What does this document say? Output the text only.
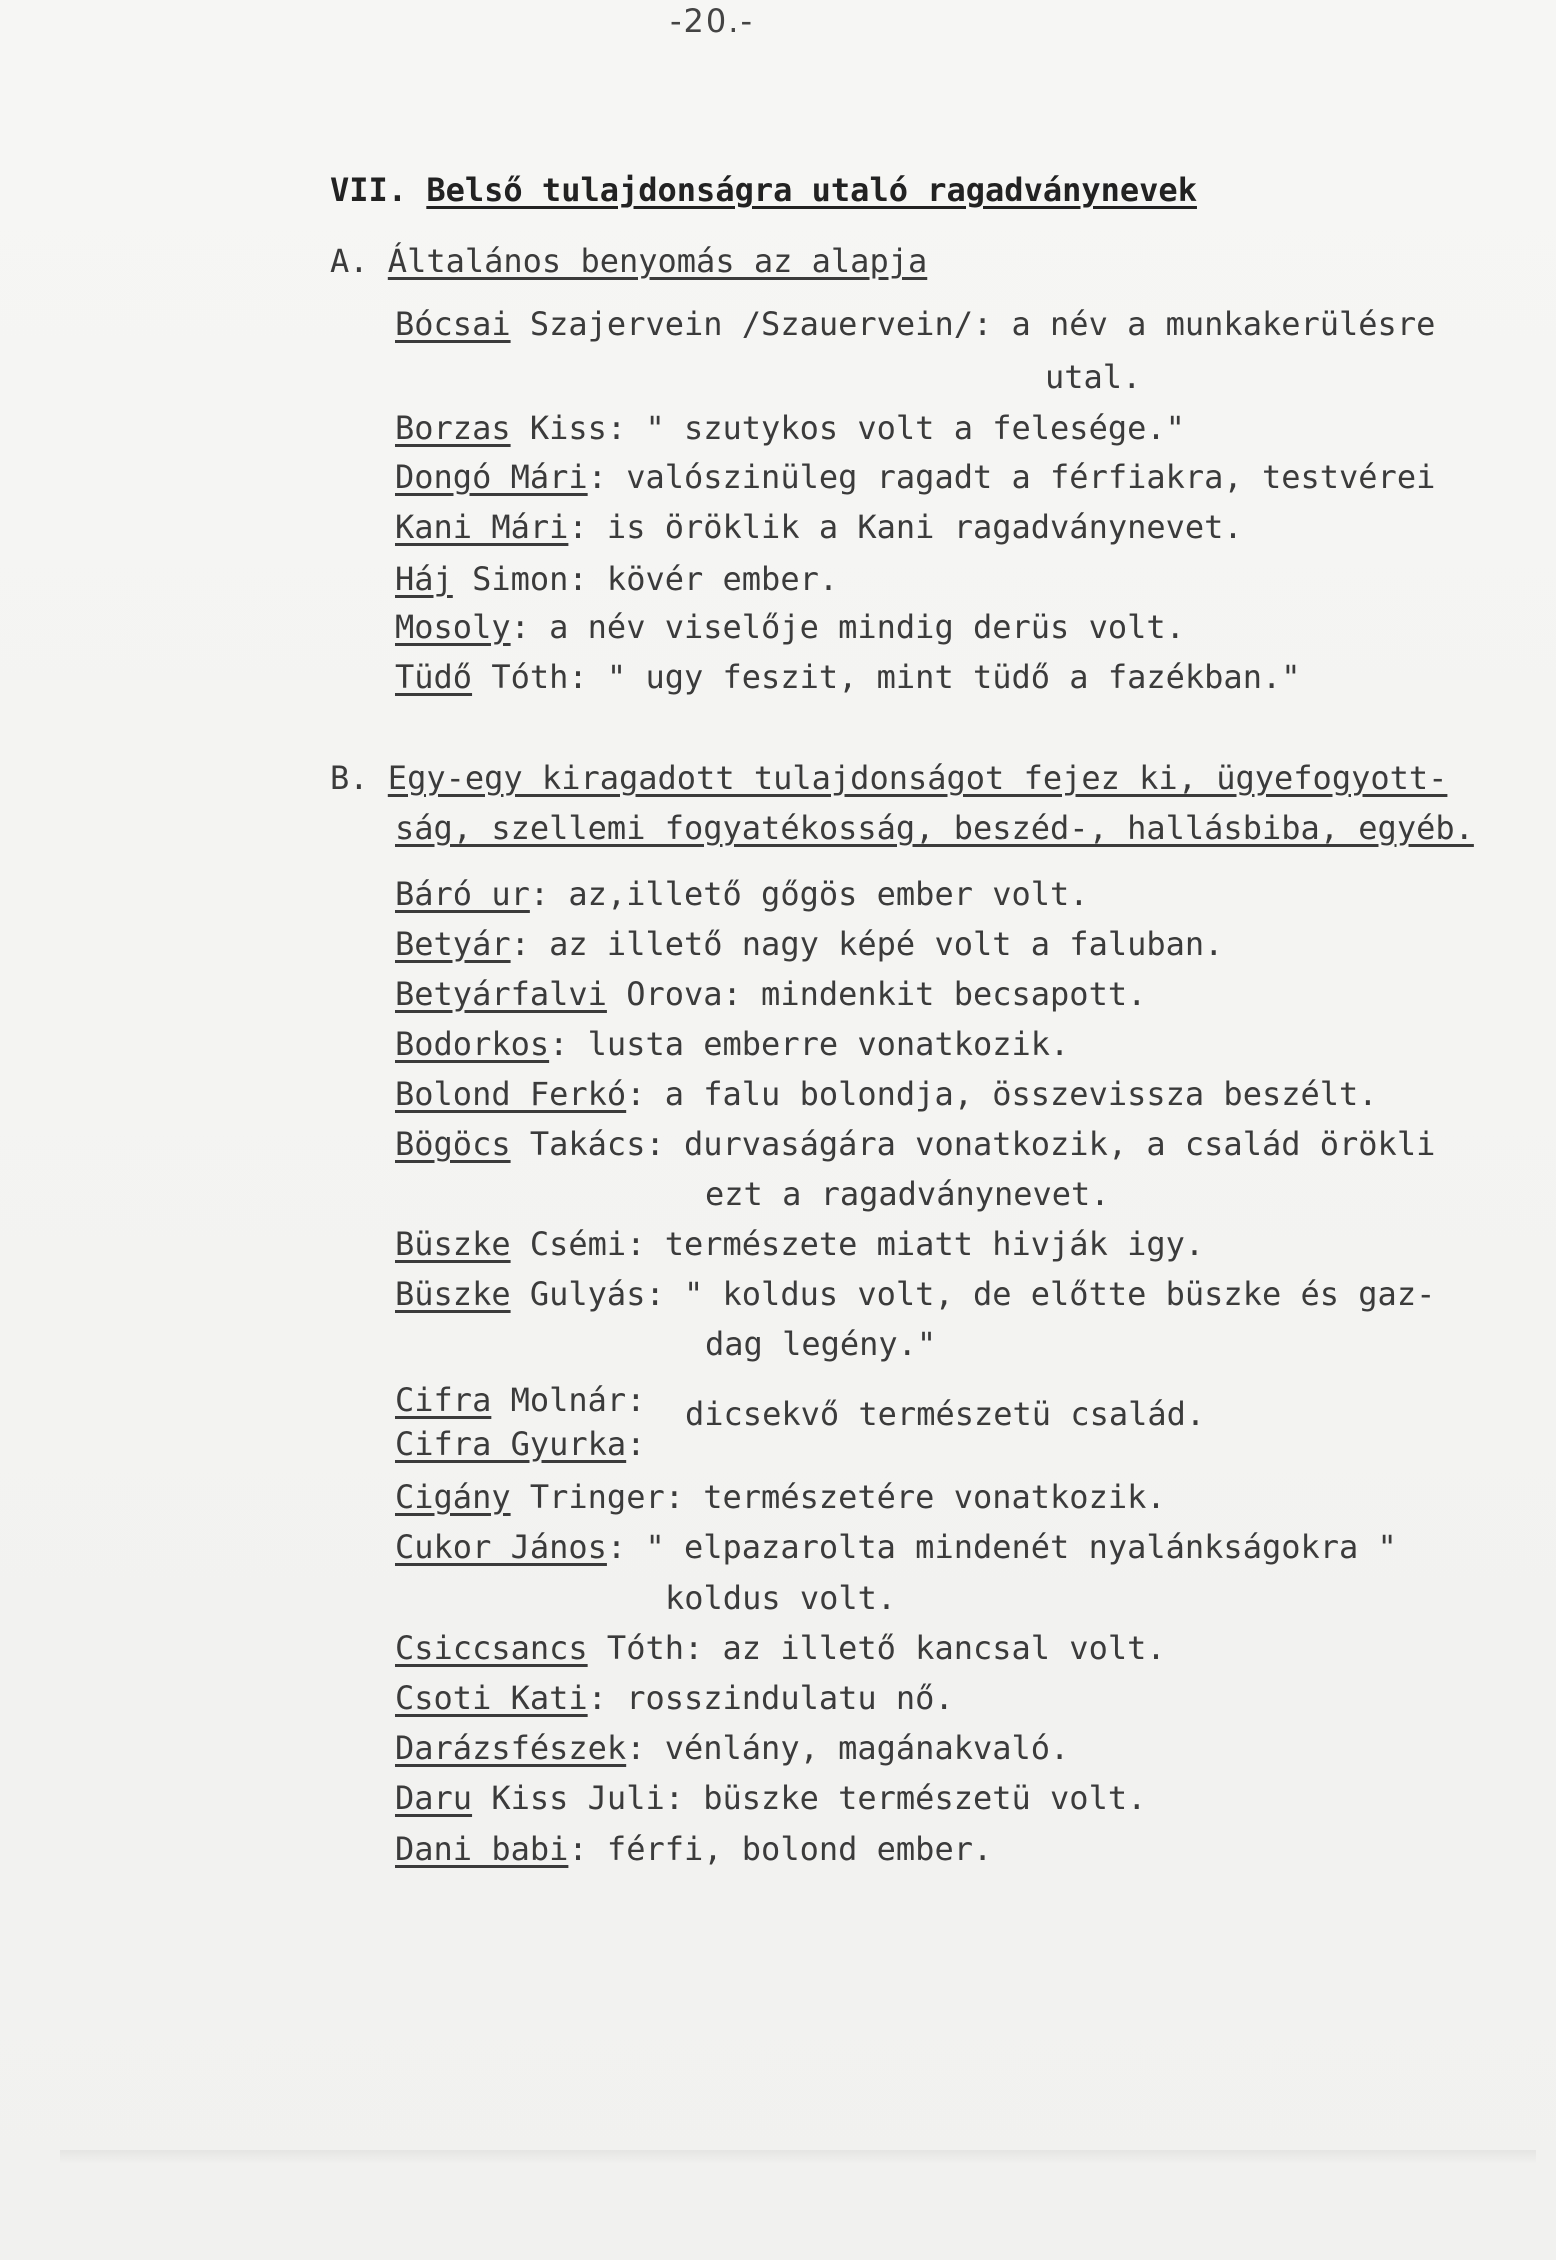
-20.-
VII. Belső tulajdonságra utaló ragadványnevek
A. Általános benyomás az alapja
Bócsai Szajervein /Szauervein/: a név a munkakerülésre
utal.
Borzas Kiss: " szutykos volt a felesége."
Dongó Mári: valószinüleg ragadt a férfiakra, testvérei
Kani Mári: is öröklik a Kani ragadványnevet.
Háj Simon: kövér ember.
Mosoly: a név viselője mindig derüs volt.
Tüdő Tóth: " ugy feszit, mint tüdő a fazékban."
B. Egy-egy kiragadott tulajdonságot fejez ki, ügyefogyott-
ság, szellemi fogyatékosság, beszéd-, hallásbiba, egyéb.
Báró ur: az,illető gőgös ember volt.
Betyár: az illető nagy képé volt a faluban.
Betyárfalvi Orova: mindenkit becsapott.
Bodorkos: lusta emberre vonatkozik.
Bolond Ferkó: a falu bolondja, összevissza beszélt.
Bögöcs Takács: durvaságára vonatkozik, a család örökli
ezt a ragadványnevet.
Büszke Csémi: természete miatt hivják igy.
Büszke Gulyás: " koldus volt, de előtte büszke és gaz-
dag legény."
Cifra Molnár: dicsekvő természetü család.
Cifra Gyurka:
Cigány Tringer: természetére vonatkozik.
Cukor János: " elpazarolta mindenét nyalánkságokra "
koldus volt.
Csiccsancs Tóth: az illető kancsal volt.
Csoti Kati: rosszindulatu nő.
Darázsfészek: vénlány, magánakvaló.
Daru Kiss Juli: büszke természetü volt.
Dani babi: férfi, bolond ember.
